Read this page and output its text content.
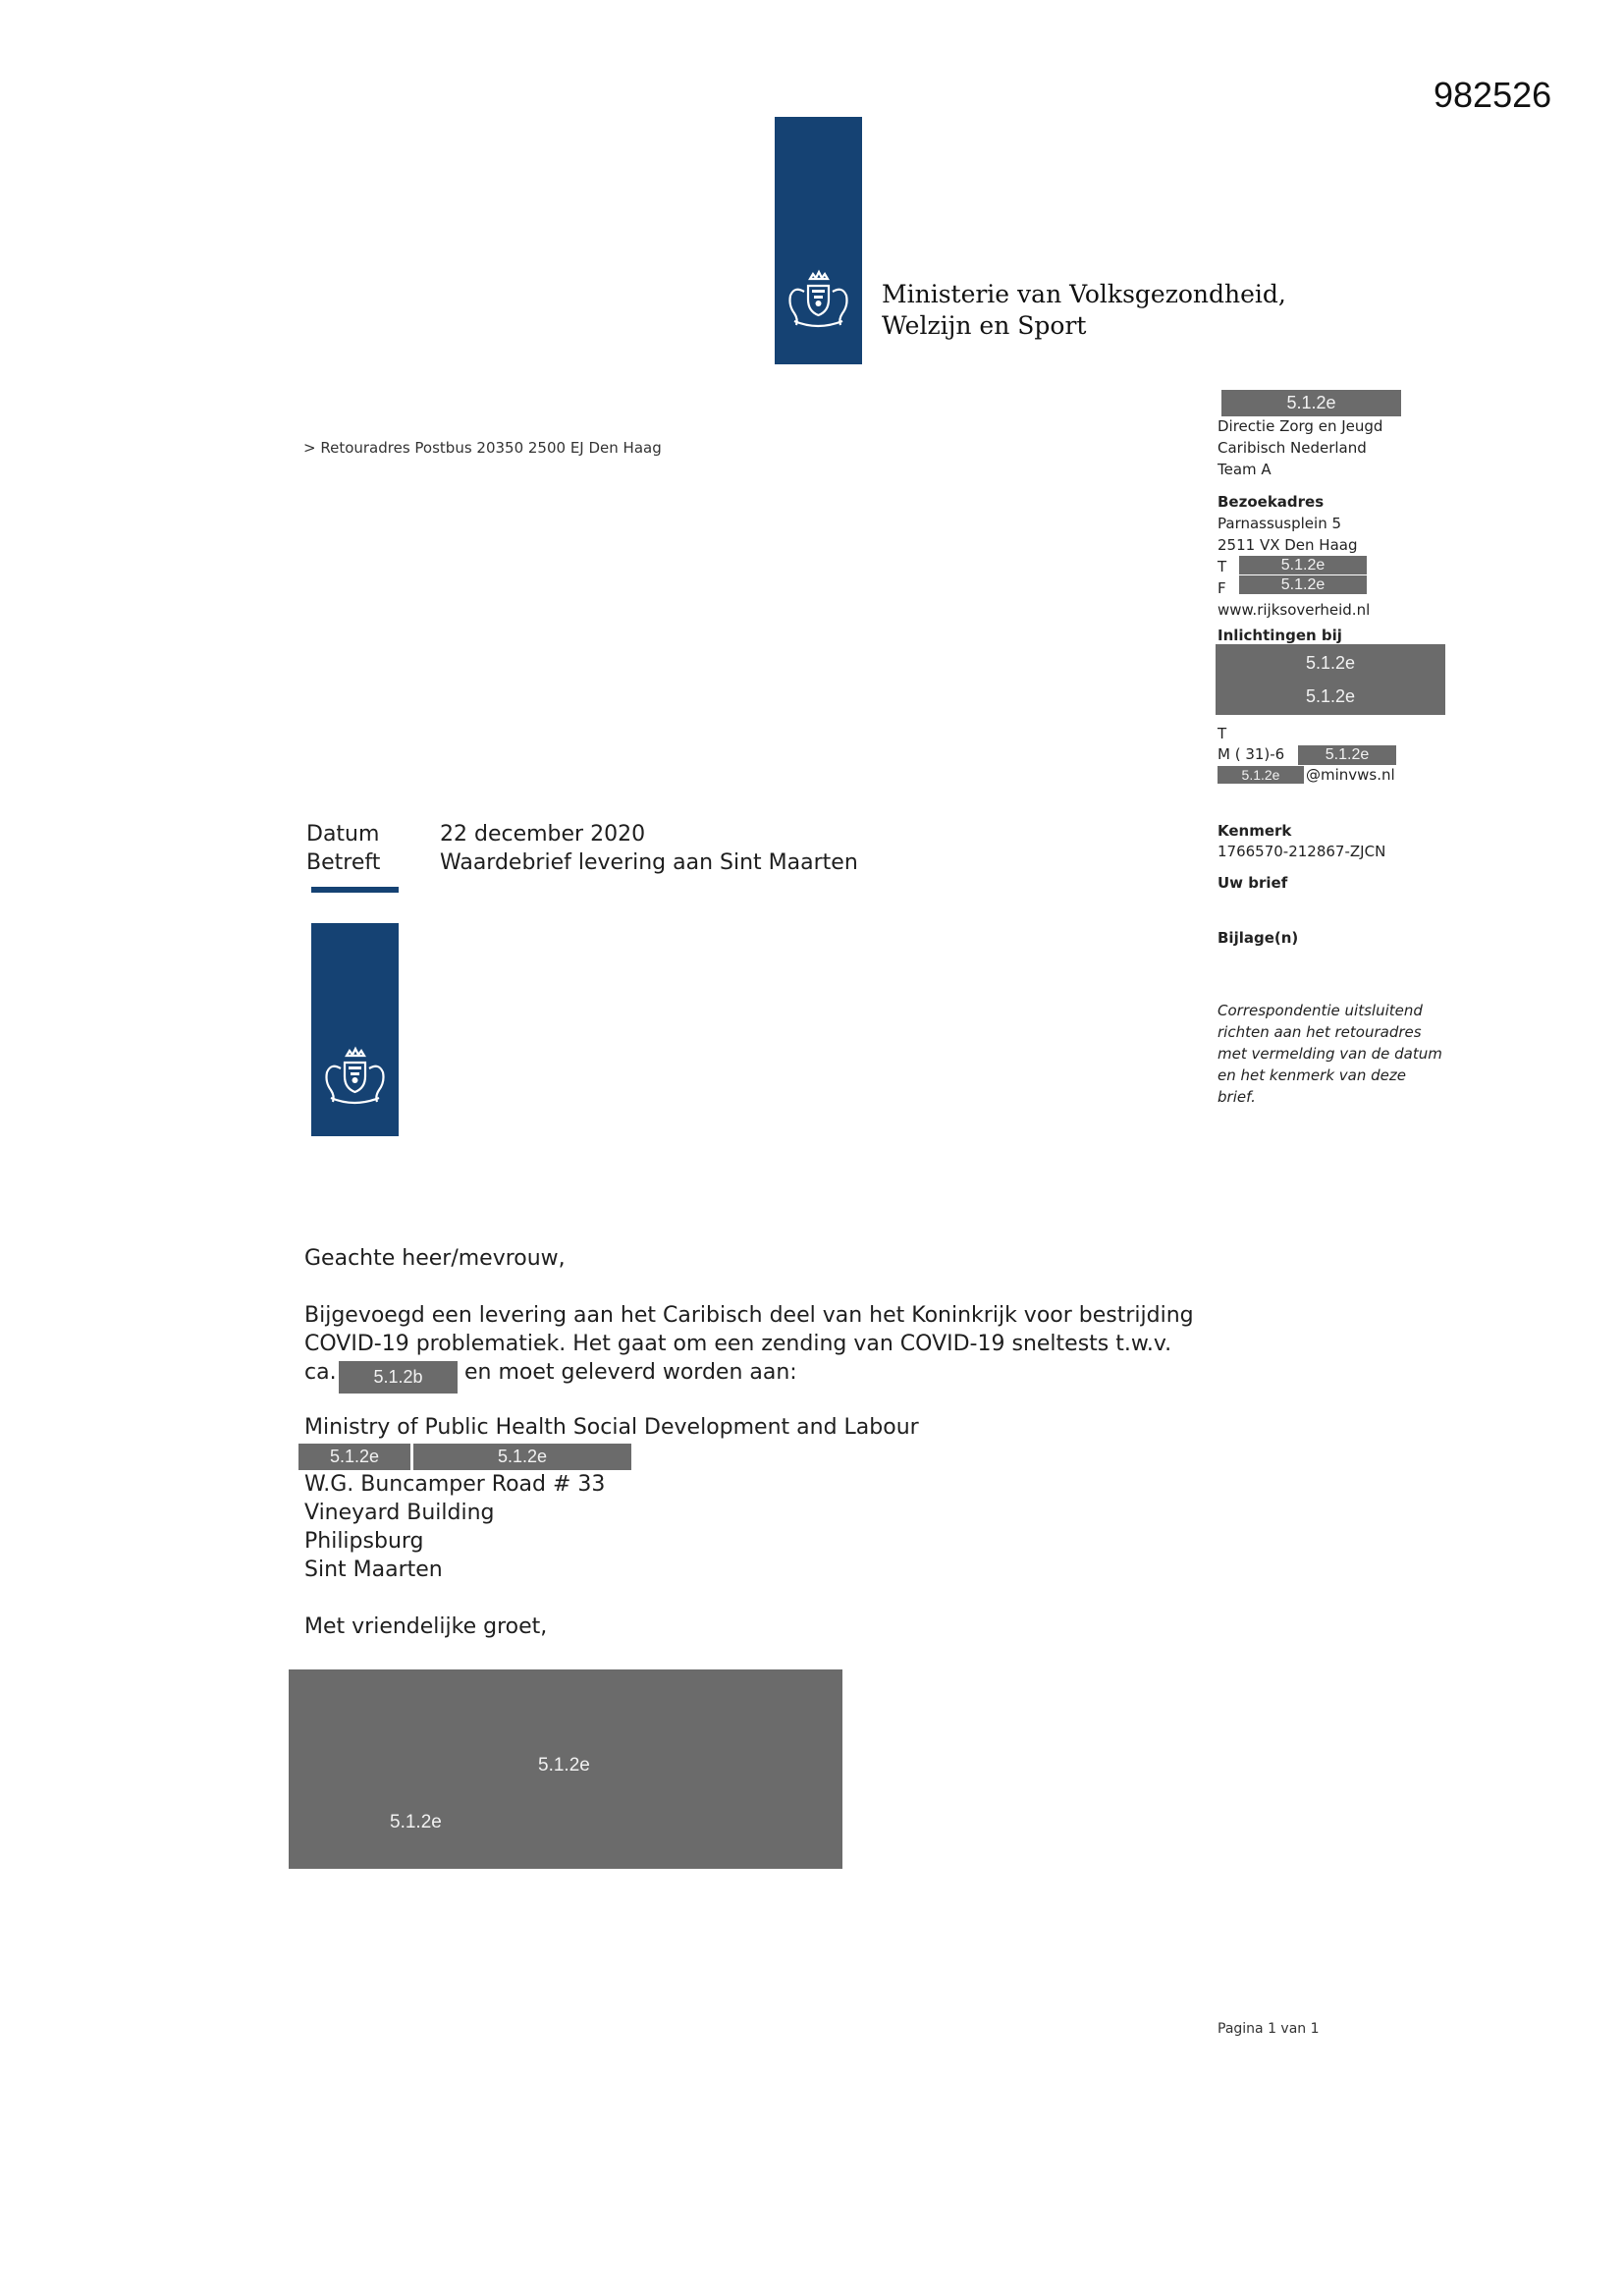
982526
Ministerie van Volksgezondheid,
Welzijn en Sport
> Retouradres Postbus 20350 2500 EJ Den Haag
5.1.2e
Directie Zorg en Jeugd
Caribisch Nederland
Team A
Bezoekadres
Parnassusplein 5
2511 VX Den Haag
T
F
www.rijksoverheid.nl
5.1.2e
5.1.2e
Inlichtingen bij
5.1.2e
5.1.2e
T
M ( 31)-6	5.1.2e
5.1.2e	@minvws.nl
Kenmerk
1766570-212867-ZJCN
Uw brief
Bijlage(n)
Correspondentie uitsluitend
richten aan het retouradres
met vermelding van de datum
en het kenmerk van deze
brief.
Datum	22 december 2020
Betreft	Waardebrief levering aan Sint Maarten
Geachte heer/mevrouw,
Bijgevoegd een levering aan het Caribisch deel van het Koninkrijk voor bestrijding
COVID-19 problematiek. Het gaat om een zending van COVID-19 sneltests t.w.v.
ca.	5.1.2b	en moet geleverd worden aan:
Ministry of Public Health Social Development and Labour
5.1.2e	5.1.2e
W.G. Buncamper Road # 33
Vineyard Building
Philipsburg
Sint Maarten
Met vriendelijke groet,
5.1.2e
5.1.2e
Pagina 1 van 1
